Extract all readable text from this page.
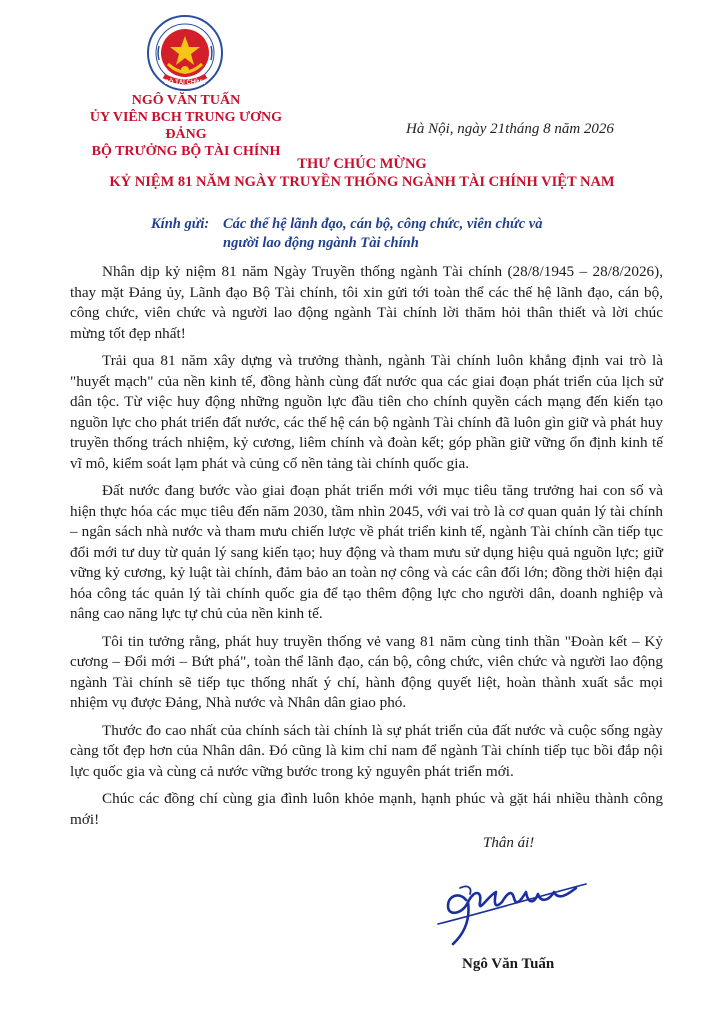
BỘ TÀI CHÍNH
NGÔ VĂN TUẤN
ỦY VIÊN BCH TRUNG ƯƠNG ĐẢNG
BỘ TRƯỞNG BỘ TÀI CHÍNH
Hà Nội, ngày 21tháng 8 năm 2026
THƯ CHÚC MỪNG
KỶ NIỆM 81 NĂM NGÀY TRUYỀN THỐNG NGÀNH TÀI CHÍNH VIỆT NAM
Kính gửi: Các thế hệ lãnh đạo, cán bộ, công chức, viên chức và
người lao động ngành Tài chính

Nhân dịp kỷ niệm 81 năm Ngày Truyền thống ngành Tài chính (28/8/1945 – 28/8/2026), thay mặt Đảng ủy, Lãnh đạo Bộ Tài chính, tôi xin gửi tới toàn thể các thế hệ lãnh đạo, cán bộ, công chức, viên chức và người lao động ngành Tài chính lời thăm hỏi thân thiết và lời chúc mừng tốt đẹp nhất!

Trải qua 81 năm xây dựng và trưởng thành, ngành Tài chính luôn khẳng định vai trò là "huyết mạch" của nền kinh tế, đồng hành cùng đất nước qua các giai đoạn phát triển của lịch sử dân tộc. Từ việc huy động những nguồn lực đầu tiên cho chính quyền cách mạng đến kiến tạo nguồn lực cho phát triển đất nước, các thế hệ cán bộ ngành Tài chính đã luôn gìn giữ và phát huy truyền thống trách nhiệm, kỷ cương, liêm chính và đoàn kết; góp phần giữ vững ổn định kinh tế vĩ mô, kiểm soát lạm phát và củng cố nền tảng tài chính quốc gia.

Đất nước đang bước vào giai đoạn phát triển mới với mục tiêu tăng trưởng hai con số và hiện thực hóa các mục tiêu đến năm 2030, tầm nhìn 2045, với vai trò là cơ quan quản lý tài chính – ngân sách nhà nước và tham mưu chiến lược về phát triển kinh tế, ngành Tài chính cần tiếp tục đổi mới tư duy từ quản lý sang kiến tạo; huy động và tham mưu sử dụng hiệu quả nguồn lực; giữ vững kỷ cương, kỷ luật tài chính, đảm bảo an toàn nợ công và các cân đối lớn; đồng thời hiện đại hóa công tác quản lý tài chính quốc gia để tạo thêm động lực cho người dân, doanh nghiệp và nâng cao năng lực tự chủ của nền kinh tế.

Tôi tin tưởng rằng, phát huy truyền thống vẻ vang 81 năm cùng tinh thần "Đoàn kết – Kỷ cương – Đổi mới – Bứt phá", toàn thể lãnh đạo, cán bộ, công chức, viên chức và người lao động ngành Tài chính sẽ tiếp tục thống nhất ý chí, hành động quyết liệt, hoàn thành xuất sắc mọi nhiệm vụ được Đảng, Nhà nước và Nhân dân giao phó.

Thước đo cao nhất của chính sách tài chính là sự phát triển của đất nước và cuộc sống ngày càng tốt đẹp hơn của Nhân dân. Đó cũng là kim chỉ nam để ngành Tài chính tiếp tục bồi đắp nội lực quốc gia và cùng cả nước vững bước trong kỷ nguyên phát triển mới.

Chúc các đồng chí cùng gia đình luôn khỏe mạnh, hạnh phúc và gặt hái nhiều thành công mới!

Thân ái!
Ngô Văn Tuấn
